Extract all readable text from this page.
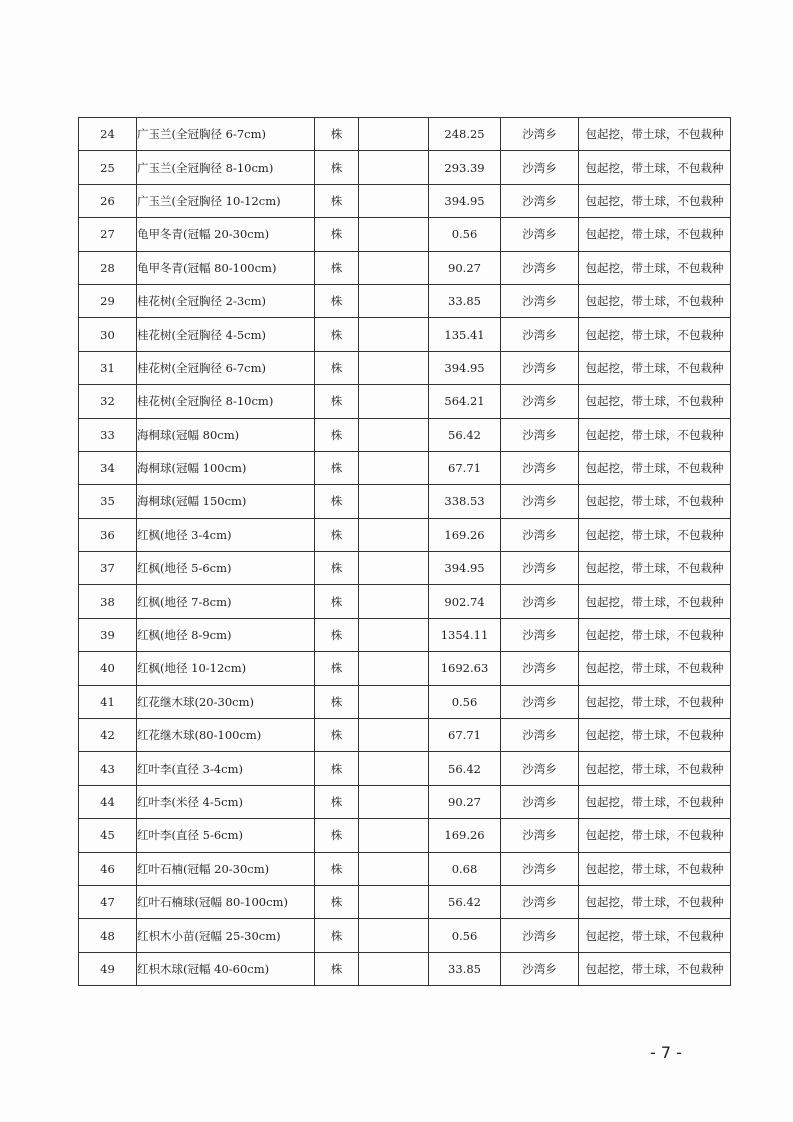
24	广玉兰(全冠胸径 6-7cm)	株		248.25	沙湾乡	包起挖，带土球，不包栽种
25	广玉兰(全冠胸径 8-10cm)	株		293.39	沙湾乡	包起挖，带土球，不包栽种
26	广玉兰(全冠胸径 10-12cm)	株		394.95	沙湾乡	包起挖，带土球，不包栽种
27	龟甲冬青(冠幅 20-30cm)	株		0.56	沙湾乡	包起挖，带土球，不包栽种
28	龟甲冬青(冠幅 80-100cm)	株		90.27	沙湾乡	包起挖，带土球，不包栽种
29	桂花树(全冠胸径 2-3cm)	株		33.85	沙湾乡	包起挖，带土球，不包栽种
30	桂花树(全冠胸径 4-5cm)	株		135.41	沙湾乡	包起挖，带土球，不包栽种
31	桂花树(全冠胸径 6-7cm)	株		394.95	沙湾乡	包起挖，带土球，不包栽种
32	桂花树(全冠胸径 8-10cm)	株		564.21	沙湾乡	包起挖，带土球，不包栽种
33	海桐球(冠幅 80cm)	株		56.42	沙湾乡	包起挖，带土球，不包栽种
34	海桐球(冠幅 100cm)	株		67.71	沙湾乡	包起挖，带土球，不包栽种
35	海桐球(冠幅 150cm)	株		338.53	沙湾乡	包起挖，带土球，不包栽种
36	红枫(地径 3-4cm)	株		169.26	沙湾乡	包起挖，带土球，不包栽种
37	红枫(地径 5-6cm)	株		394.95	沙湾乡	包起挖，带土球，不包栽种
38	红枫(地径 7-8cm)	株		902.74	沙湾乡	包起挖，带土球，不包栽种
39	红枫(地径 8-9cm)	株		1354.11	沙湾乡	包起挖，带土球，不包栽种
40	红枫(地径 10-12cm)	株		1692.63	沙湾乡	包起挖，带土球，不包栽种
41	红花继木球(20-30cm)	株		0.56	沙湾乡	包起挖，带土球，不包栽种
42	红花继木球(80-100cm)	株		67.71	沙湾乡	包起挖，带土球，不包栽种
43	红叶李(直径 3-4cm)	株		56.42	沙湾乡	包起挖，带土球，不包栽种
44	红叶李(米径 4-5cm)	株		90.27	沙湾乡	包起挖，带土球，不包栽种
45	红叶李(直径 5-6cm)	株		169.26	沙湾乡	包起挖，带土球，不包栽种
46	红叶石楠(冠幅 20-30cm)	株		0.68	沙湾乡	包起挖，带土球，不包栽种
47	红叶石楠球(冠幅 80-100cm)	株		56.42	沙湾乡	包起挖，带土球，不包栽种
48	红枳木小苗(冠幅 25-30cm)	株		0.56	沙湾乡	包起挖，带土球，不包栽种
49	红枳木球(冠幅 40-60cm)	株		33.85	沙湾乡	包起挖，带土球，不包栽种
- 7 -
